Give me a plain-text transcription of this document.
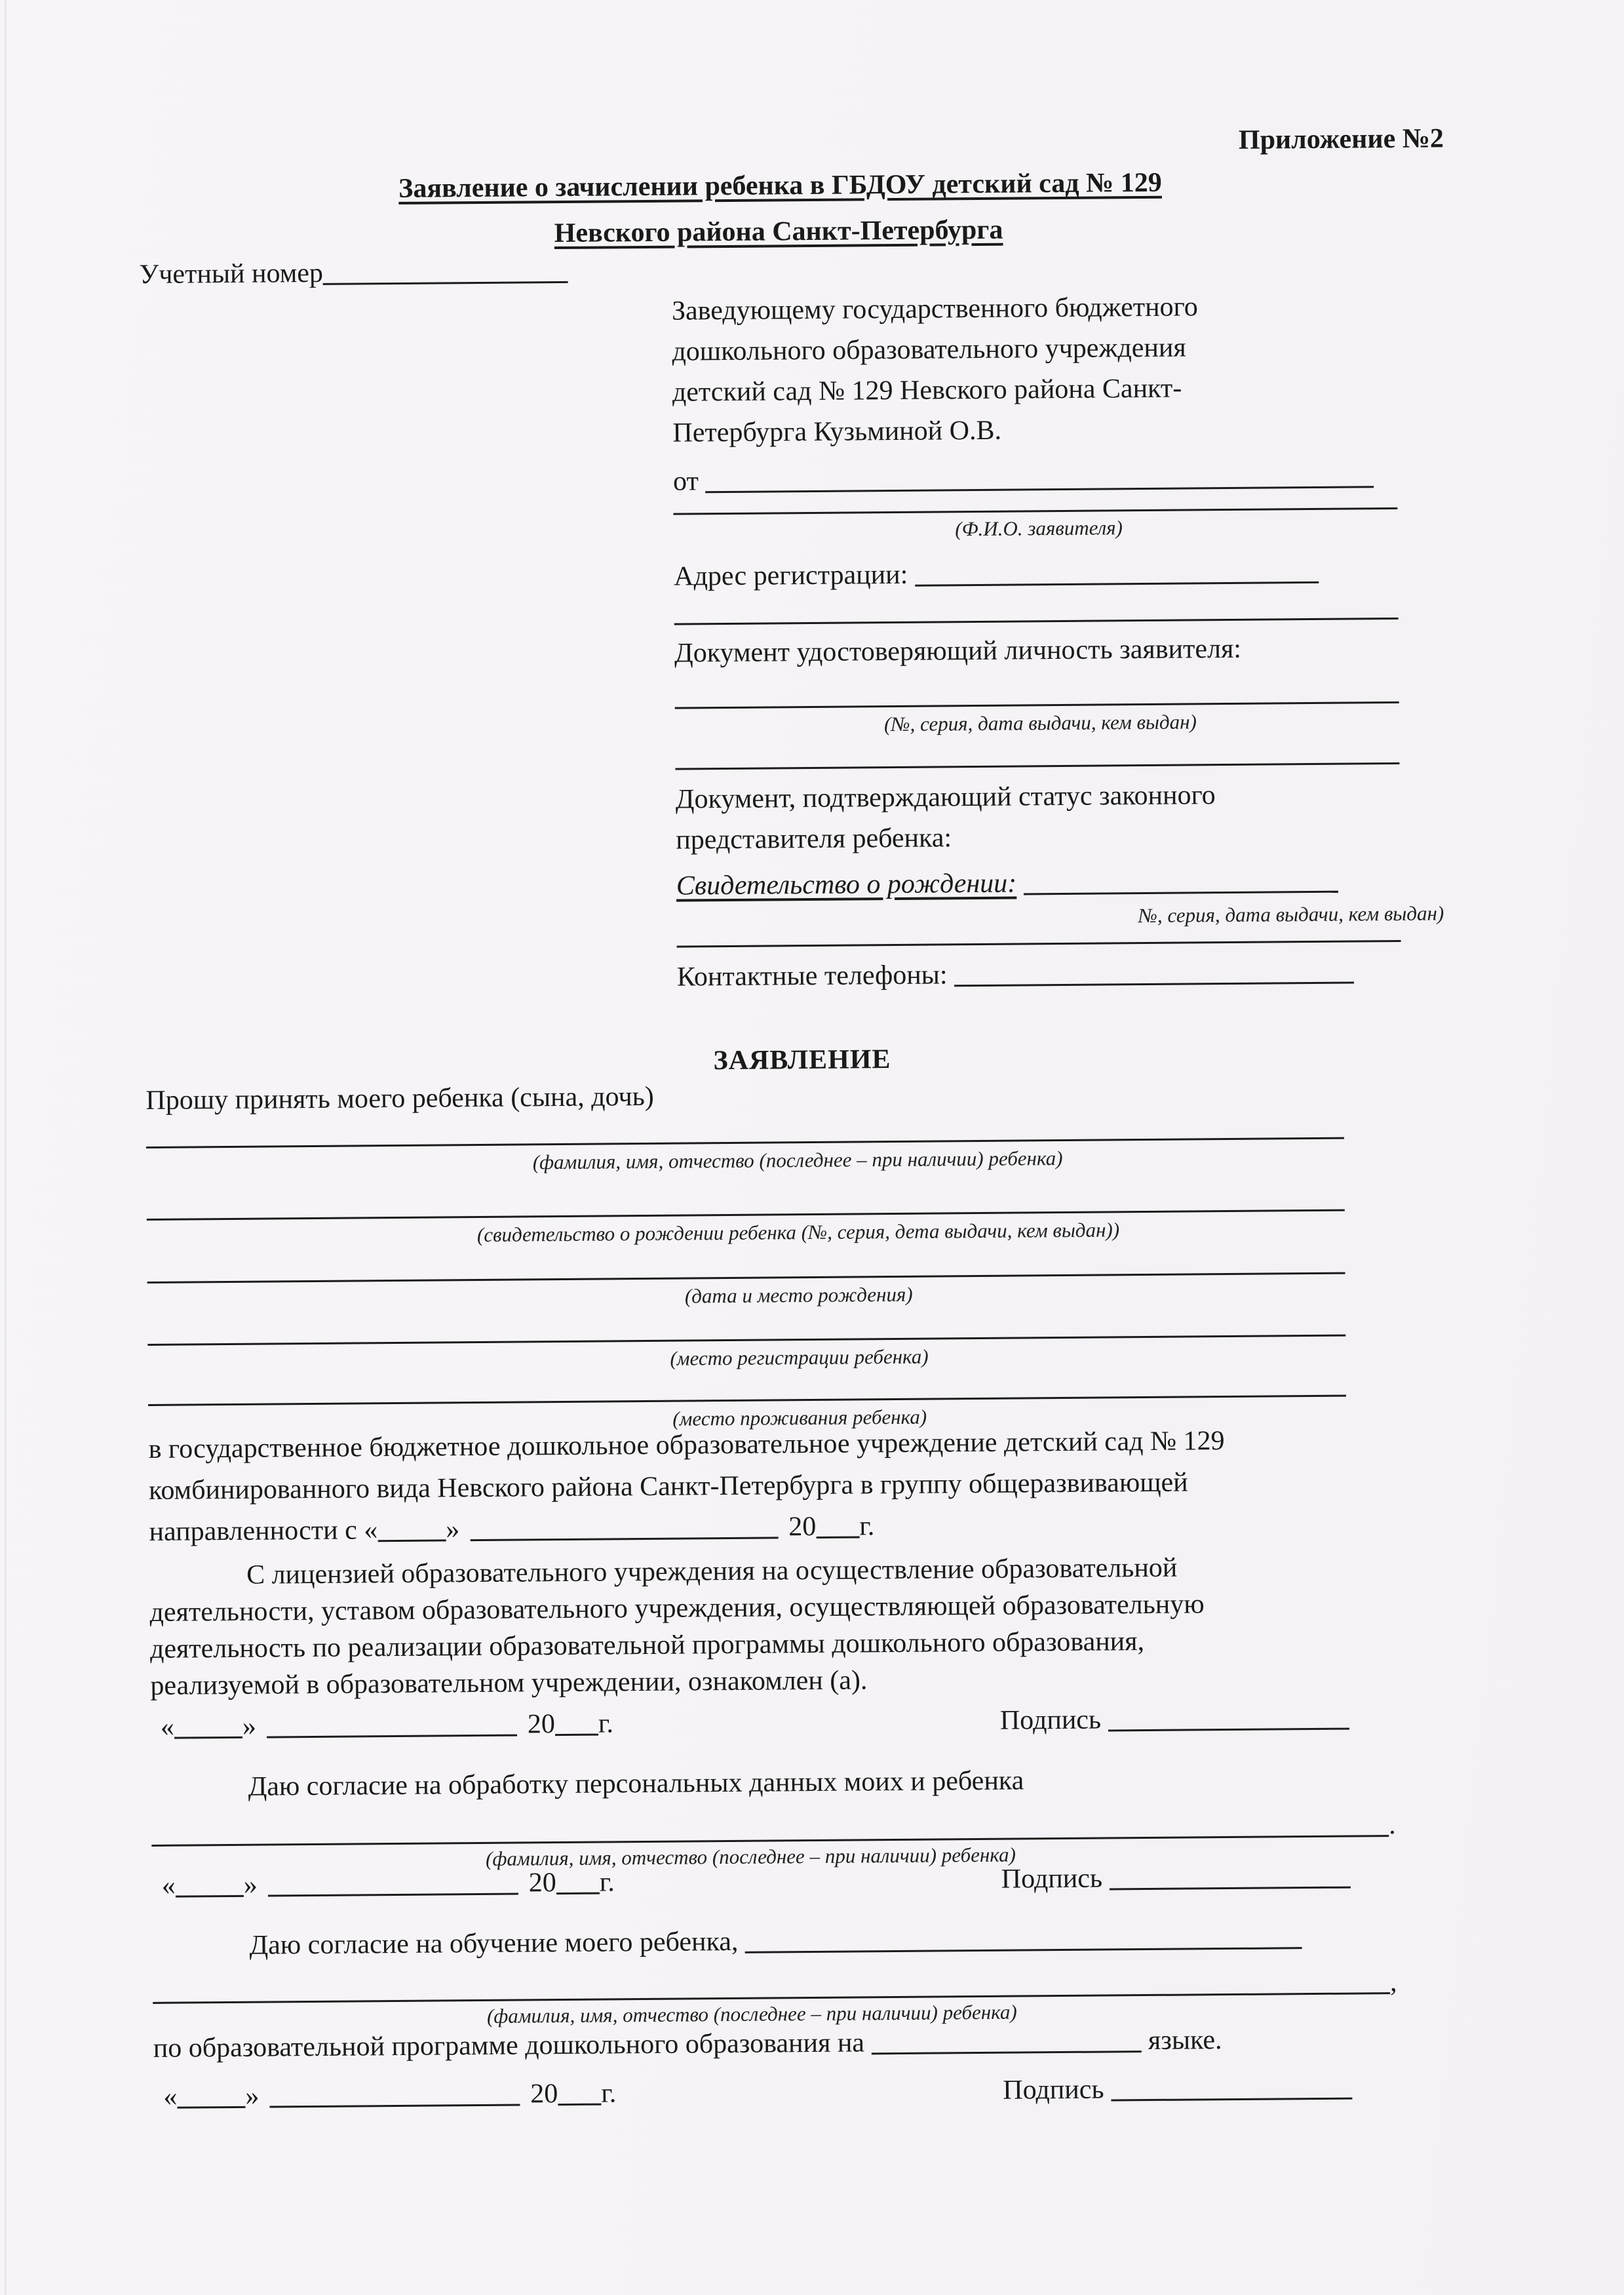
Приложение №2
Заявление о зачислении ребенка в ГБДОУ детский сад № 129
Невского района Санкт-Петербурга
Учетный номер
Заведующему государственного бюджетного
дошкольного образовательного учреждения
детский сад № 129 Невского района Санкт-
Петербурга Кузьминой О.В.
от
(Ф.И.О. заявителя)
Адрес регистрации:
Документ удостоверяющий личность заявителя:
(№, серия, дата выдачи, кем выдан)
Документ, подтверждающий статус законного
представителя ребенка:
Свидетельство о рождении:
№, серия, дата выдачи, кем выдан)
Контактные телефоны:
ЗАЯВЛЕНИЕ
Прошу принять моего ребенка (сына, дочь)
(фамилия, имя, отчество (последнее – при наличии) ребенка)
(свидетельство о рождении ребенка (№, серия, дета выдачи, кем выдан))
(дата и место рождения)
(место регистрации ребенка)
(место проживания ребенка)
в государственное бюджетное дошкольное образовательное учреждение детский сад № 129
комбинированного вида Невского района Санкт-Петербурга в группу общеразвивающей
направленности с « »	20 г.
С лицензией образовательного учреждения на осуществление образовательной
деятельности, уставом образовательного учреждения, осуществляющей образовательную
деятельность по реализации образовательной программы дошкольного образования,
реализуемой в образовательном учреждении, ознакомлен (а).
« »	20 г.	Подпись
Даю согласие на обработку персональных данных моих и ребенка
.
(фамилия, имя, отчество (последнее – при наличии) ребенка)
« »	20 г.	Подпись
Даю согласие на обучение моего ребенка,
,
(фамилия, имя, отчество (последнее – при наличии) ребенка)
по образовательной программе дошкольного образования на	языке.
« »	20 г.	Подпись
